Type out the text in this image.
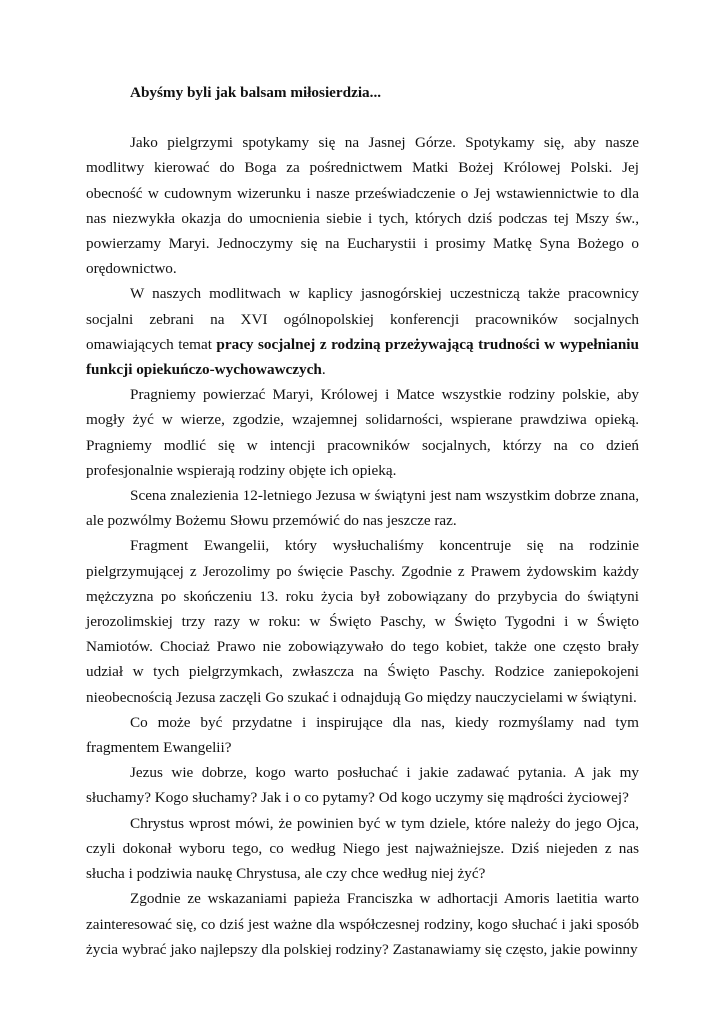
Abyśmy byli jak balsam miłosierdzia...

Jako pielgrzymi spotykamy się na Jasnej Górze. Spotykamy się, aby nasze modlitwy kierować do Boga za pośrednictwem Matki Bożej Królowej Polski. Jej obecność w cudownym wizerunku i nasze przeświadczenie o Jej wstawiennictwie to dla nas niezwykła okazja do umocnienia siebie i tych, których dziś podczas tej Mszy św., powierzamy Maryi. Jednoczymy się na Eucharystii i prosimy Matkę Syna Bożego o orędownictwo.

W naszych modlitwach w kaplicy jasnogórskiej uczestniczą także pracownicy socjalni zebrani na XVI ogólnopolskiej konferencji pracowników socjalnych omawiających temat pracy socjalnej z rodziną przeżywającą trudności w wypełnianiu funkcji opiekuńczo-wychowawczych.

Pragniemy powierzać Maryi, Królowej i Matce wszystkie rodziny polskie, aby mogły żyć w wierze, zgodzie, wzajemnej solidarności, wspierane prawdziwa opieką. Pragniemy modlić się w intencji pracowników socjalnych, którzy na co dzień profesjonalnie wspierają rodziny objęte ich opieką.

Scena znalezienia 12-letniego Jezusa w świątyni jest nam wszystkim dobrze znana, ale pozwólmy Bożemu Słowu przemówić do nas jeszcze raz.

Fragment Ewangelii, który wysłuchaliśmy koncentruje się na rodzinie pielgrzymującej z Jerozolimy po święcie Paschy. Zgodnie z Prawem żydowskim każdy mężczyzna po skończeniu 13. roku życia był zobowiązany do przybycia do świątyni jerozolimskiej trzy razy w roku: w Święto Paschy, w Święto Tygodni i w Święto Namiotów. Chociaż Prawo nie zobowiązywało do tego kobiet, także one często brały udział w tych pielgrzymkach, zwłaszcza na Święto Paschy. Rodzice zaniepokojeni nieobecnością Jezusa zaczęli Go szukać i odnajdują Go między nauczycielami w świątyni.

Co może być przydatne i inspirujące dla nas, kiedy rozmyślamy nad tym fragmentem Ewangelii?

Jezus wie dobrze, kogo warto posłuchać i jakie zadawać pytania. A jak my słuchamy? Kogo słuchamy? Jak i o co pytamy? Od kogo uczymy się mądrości życiowej?

Chrystus wprost mówi, że powinien być w tym dziele, które należy do jego Ojca, czyli dokonał wyboru tego, co według Niego jest najważniejsze. Dziś niejeden z nas słucha i podziwia naukę Chrystusa, ale czy chce według niej żyć?

Zgodnie ze wskazaniami papieża Franciszka w adhortacji Amoris laetitia warto zainteresować się, co dziś jest ważne dla współczesnej rodziny, kogo słuchać i jaki sposób życia wybrać jako najlepszy dla polskiej rodziny? Zastanawiamy się często, jakie powinny
